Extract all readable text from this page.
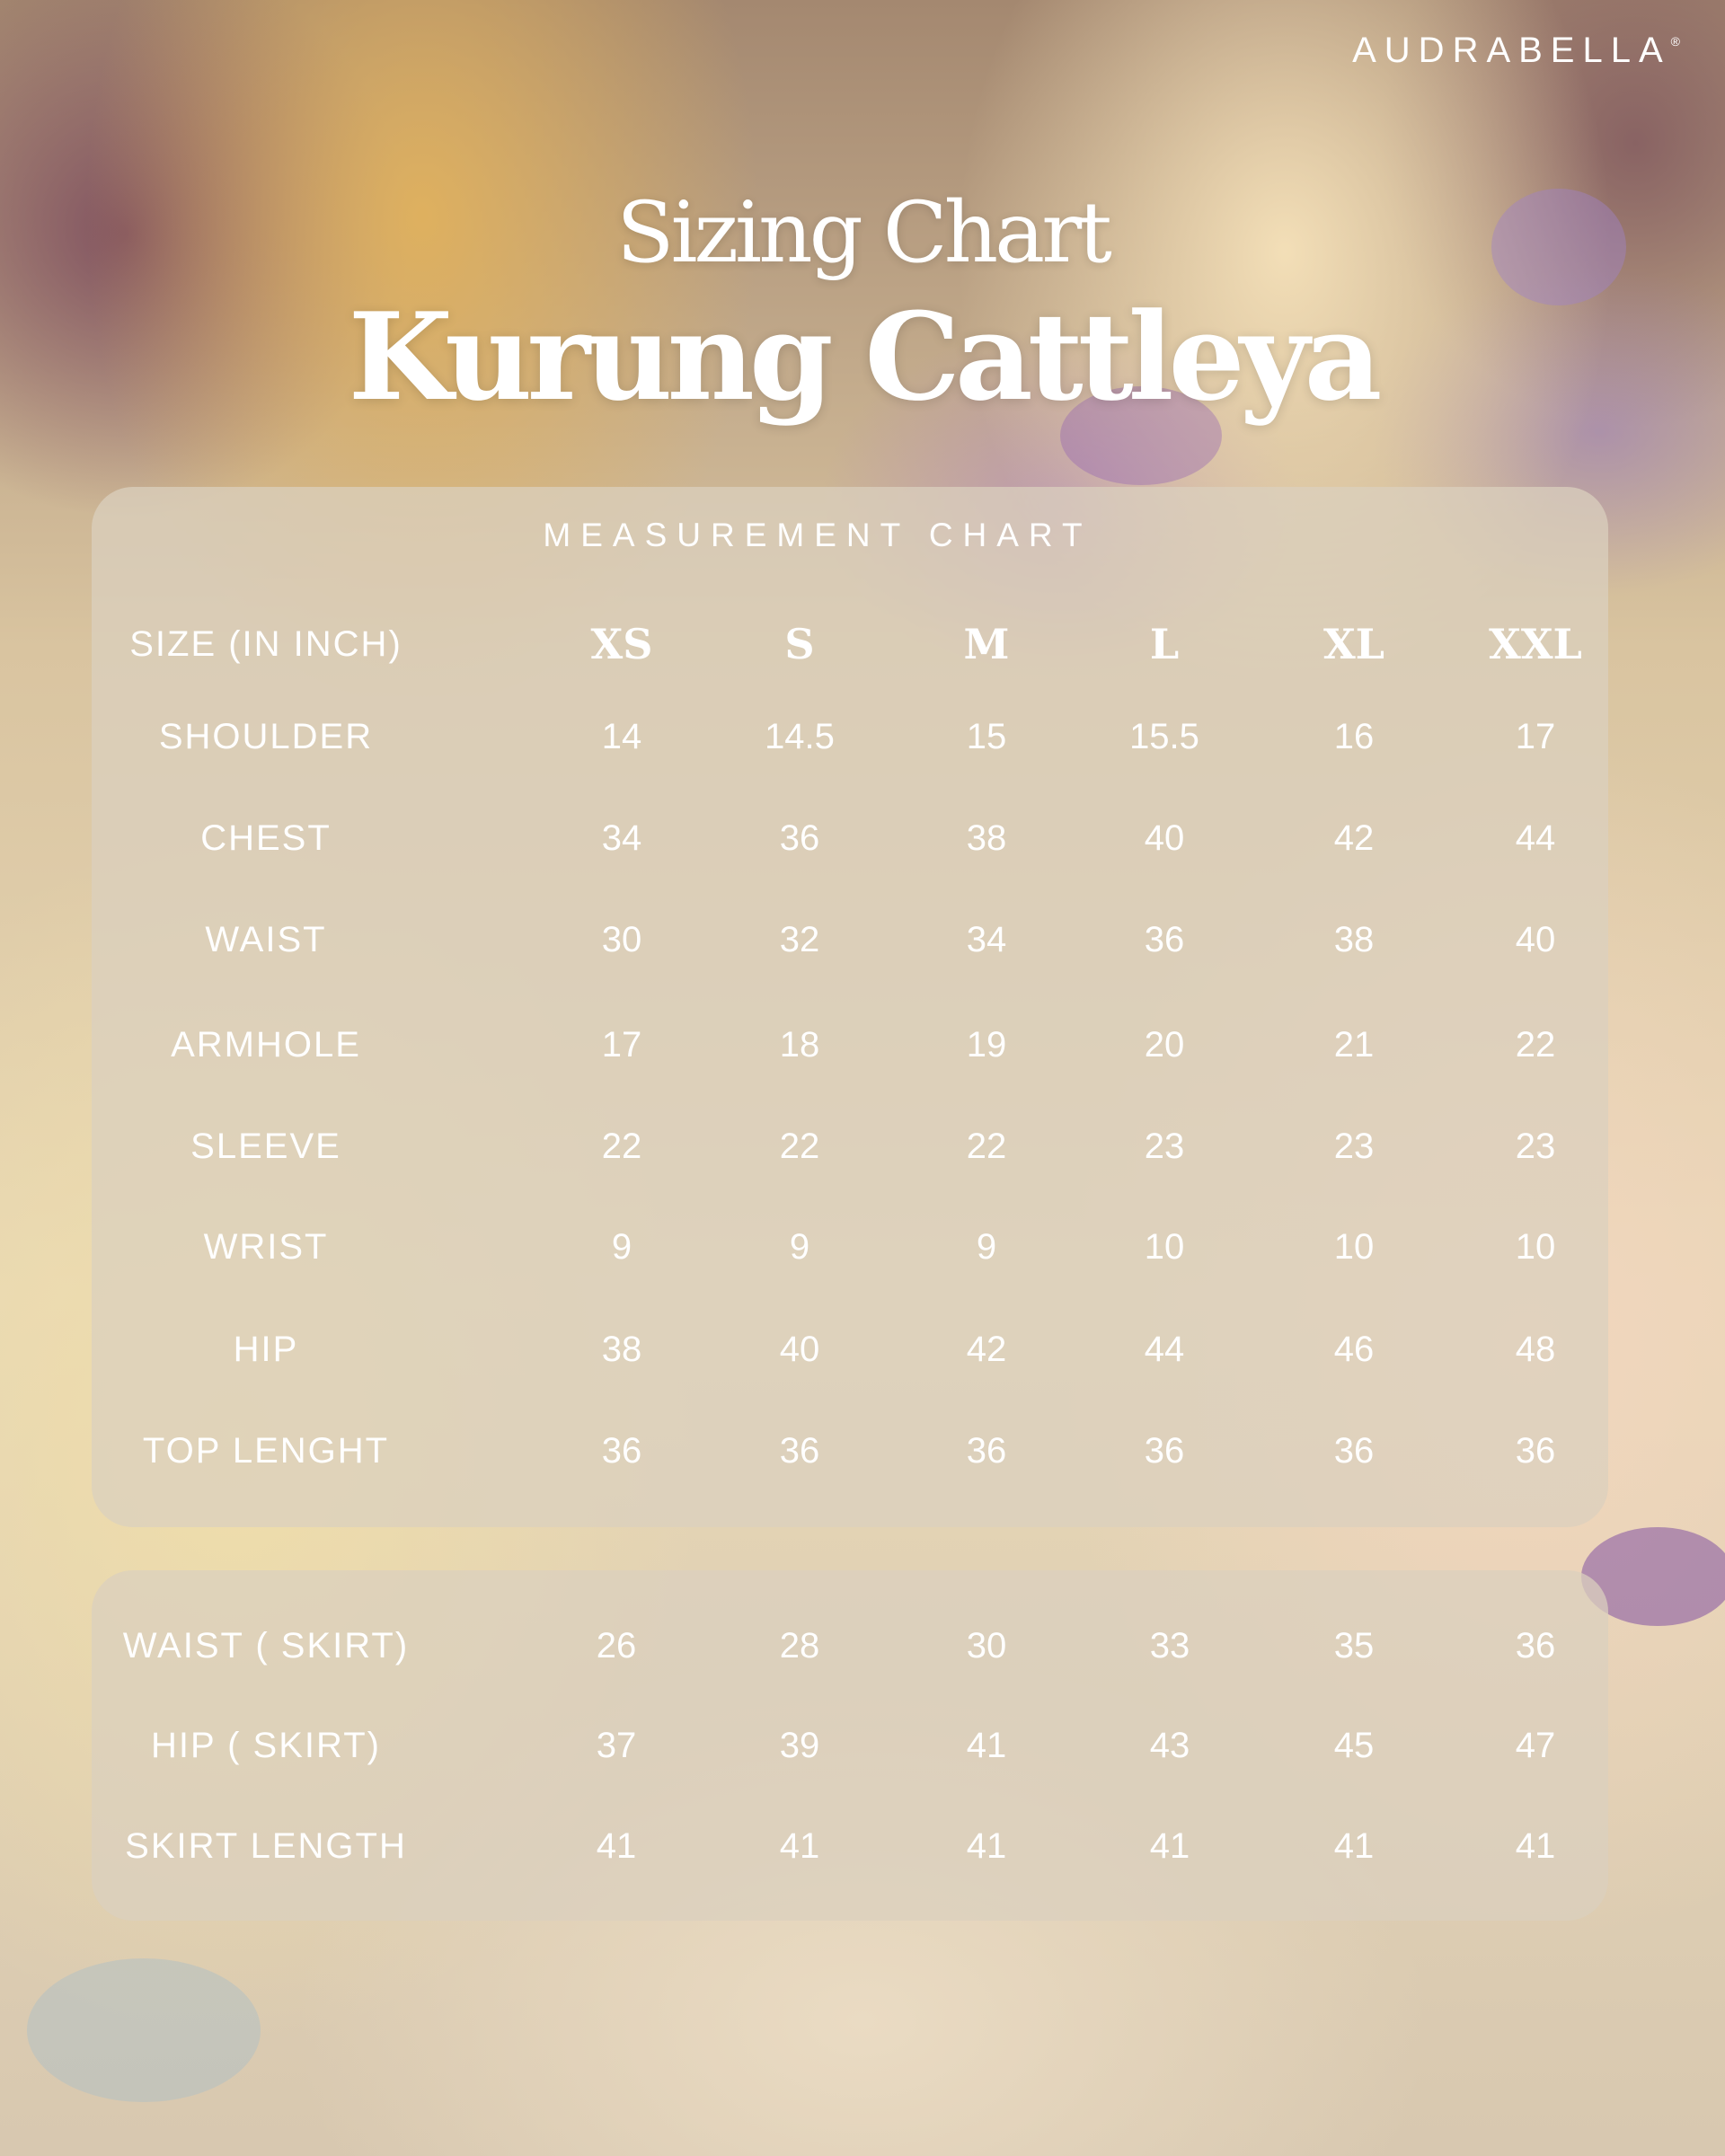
AUDRABELLA®
Sizing Chart
Kurung Cattleya
MEASUREMENT CHART
SIZE (IN INCH)	XS	S	M	L	XL	XXL
SHOULDER	14	14.5	15	15.5	16	17
CHEST	34	36	38	40	42	44
WAIST	30	32	34	36	38	40
ARMHOLE	17	18	19	20	21	22
SLEEVE	22	22	22	23	23	23
WRIST	9	9	9	10	10	10
HIP	38	40	42	44	46	48
TOP LENGHT	36	36	36	36	36	36
WAIST ( SKIRT)	26	28	30	33	35	36
HIP ( SKIRT)	37	39	41	43	45	47
SKIRT LENGTH	41	41	41	41	41	41
